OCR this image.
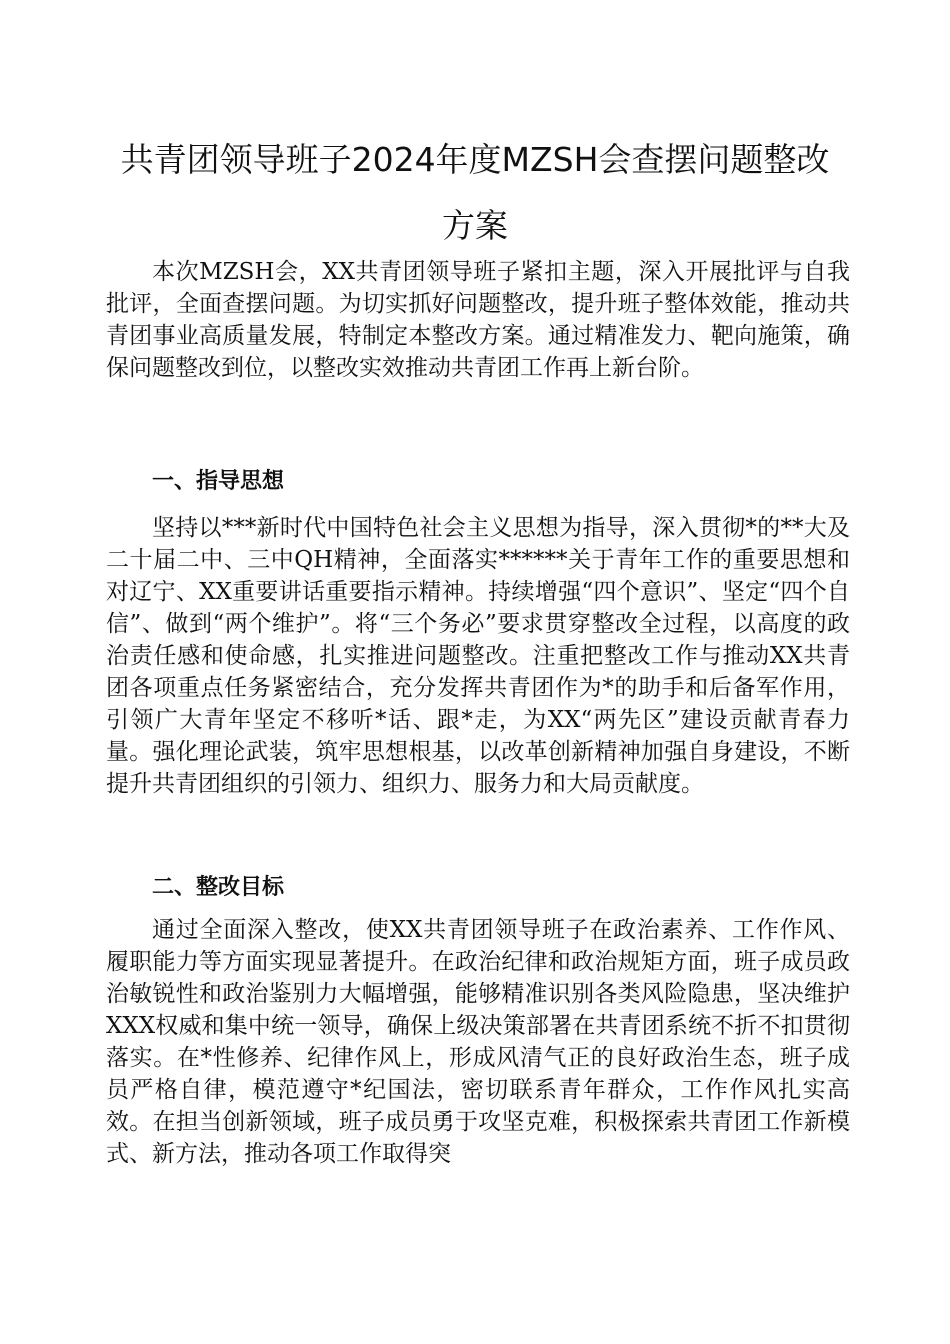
共青团领导班子2024年度MZSH会查摆问题整改
方案

本次MZSH会，XX共青团领导班子紧扣主题，深入开展批评与自我批评，全面查摆问题。为切实抓好问题整改，提升班子整体效能，推动共青团事业高质量发展，特制定本整改方案。通过精准发力、靶向施策，确保问题整改到位，以整改实效推动共青团工作再上新台阶。

一、指导思想

坚持以***新时代中国特色社会主义思想为指导，深入贯彻*的**大及二十届二中、三中QH精神，全面落实******关于青年工作的重要思想和对辽宁、XX重要讲话重要指示精神。持续增强“四个意识”、坚定“四个自信”、做到“两个维护”。将“三个务必”要求贯穿整改全过程，以高度的政治责任感和使命感，扎实推进问题整改。注重把整改工作与推动XX共青团各项重点任务紧密结合，充分发挥共青团作为*的助手和后备军作用，引领广大青年坚定不移听*话、跟*走，为XX“两先区”建设贡献青春力量。强化理论武装，筑牢思想根基，以改革创新精神加强自身建设，不断提升共青团组织的引领力、组织力、服务力和大局贡献度。

二、整改目标

通过全面深入整改，使XX共青团领导班子在政治素养、工作作风、履职能力等方面实现显著提升。在政治纪律和政治规矩方面，班子成员政治敏锐性和政治鉴别力大幅增强，能够精准识别各类风险隐患，坚决维护XXX权威和集中统一领导，确保上级决策部署在共青团系统不折不扣贯彻落实。在*性修养、纪律作风上，形成风清气正的良好政治生态，班子成员严格自律，模范遵守*纪国法，密切联系青年群众，工作作风扎实高效。在担当创新领域，班子成员勇于攻坚克难，积极探索共青团工作新模式、新方法，推动各项工作取得突
